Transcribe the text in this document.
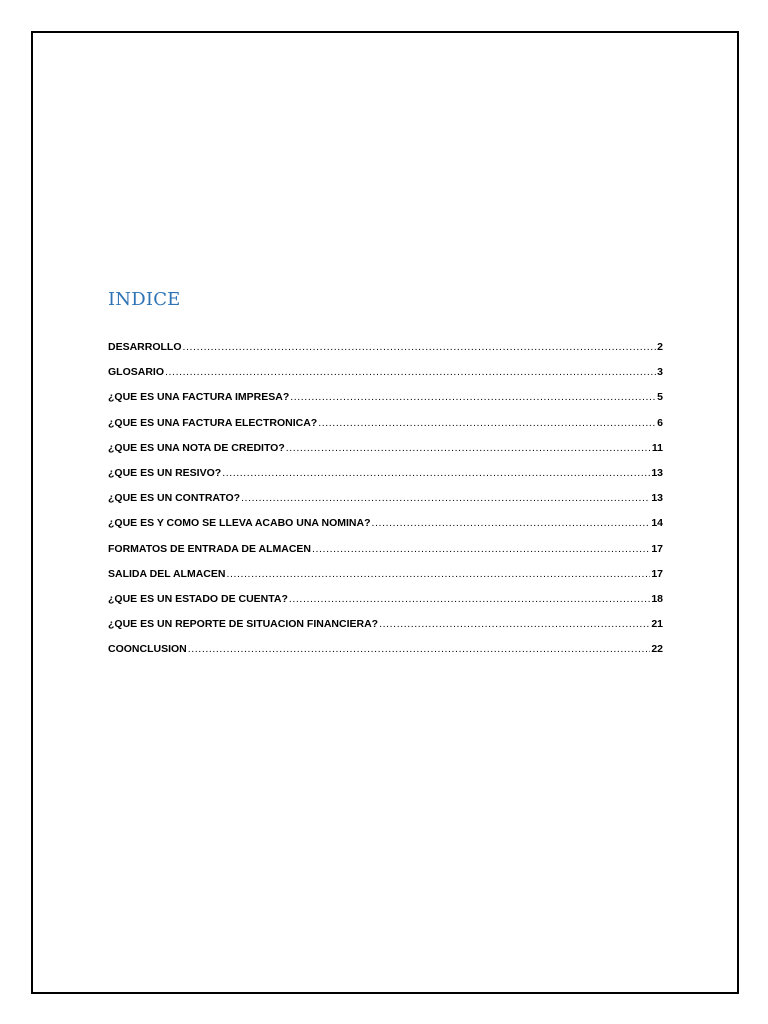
INDICE
DESARROLLO .....	2
GLOSARIO .....	3
¿QUE ES UNA FACTURA IMPRESA? .....	5
¿QUE ES UNA FACTURA ELECTRONICA? .....	6
¿QUE ES UNA NOTA DE CREDITO? .....	11
¿QUE ES UN RESIVO? .....	13
¿QUE ES UN CONTRATO? .....	13
¿QUE ES Y COMO SE LLEVA ACABO UNA NOMINA? .....	14
FORMATOS DE ENTRADA DE ALMACEN .....	17
SALIDA DEL ALMACEN .....	17
¿QUE ES UN ESTADO DE CUENTA? .....	18
¿QUE ES UN REPORTE DE SITUACION FINANCIERA? .....	21
COONCLUSION .....	22
